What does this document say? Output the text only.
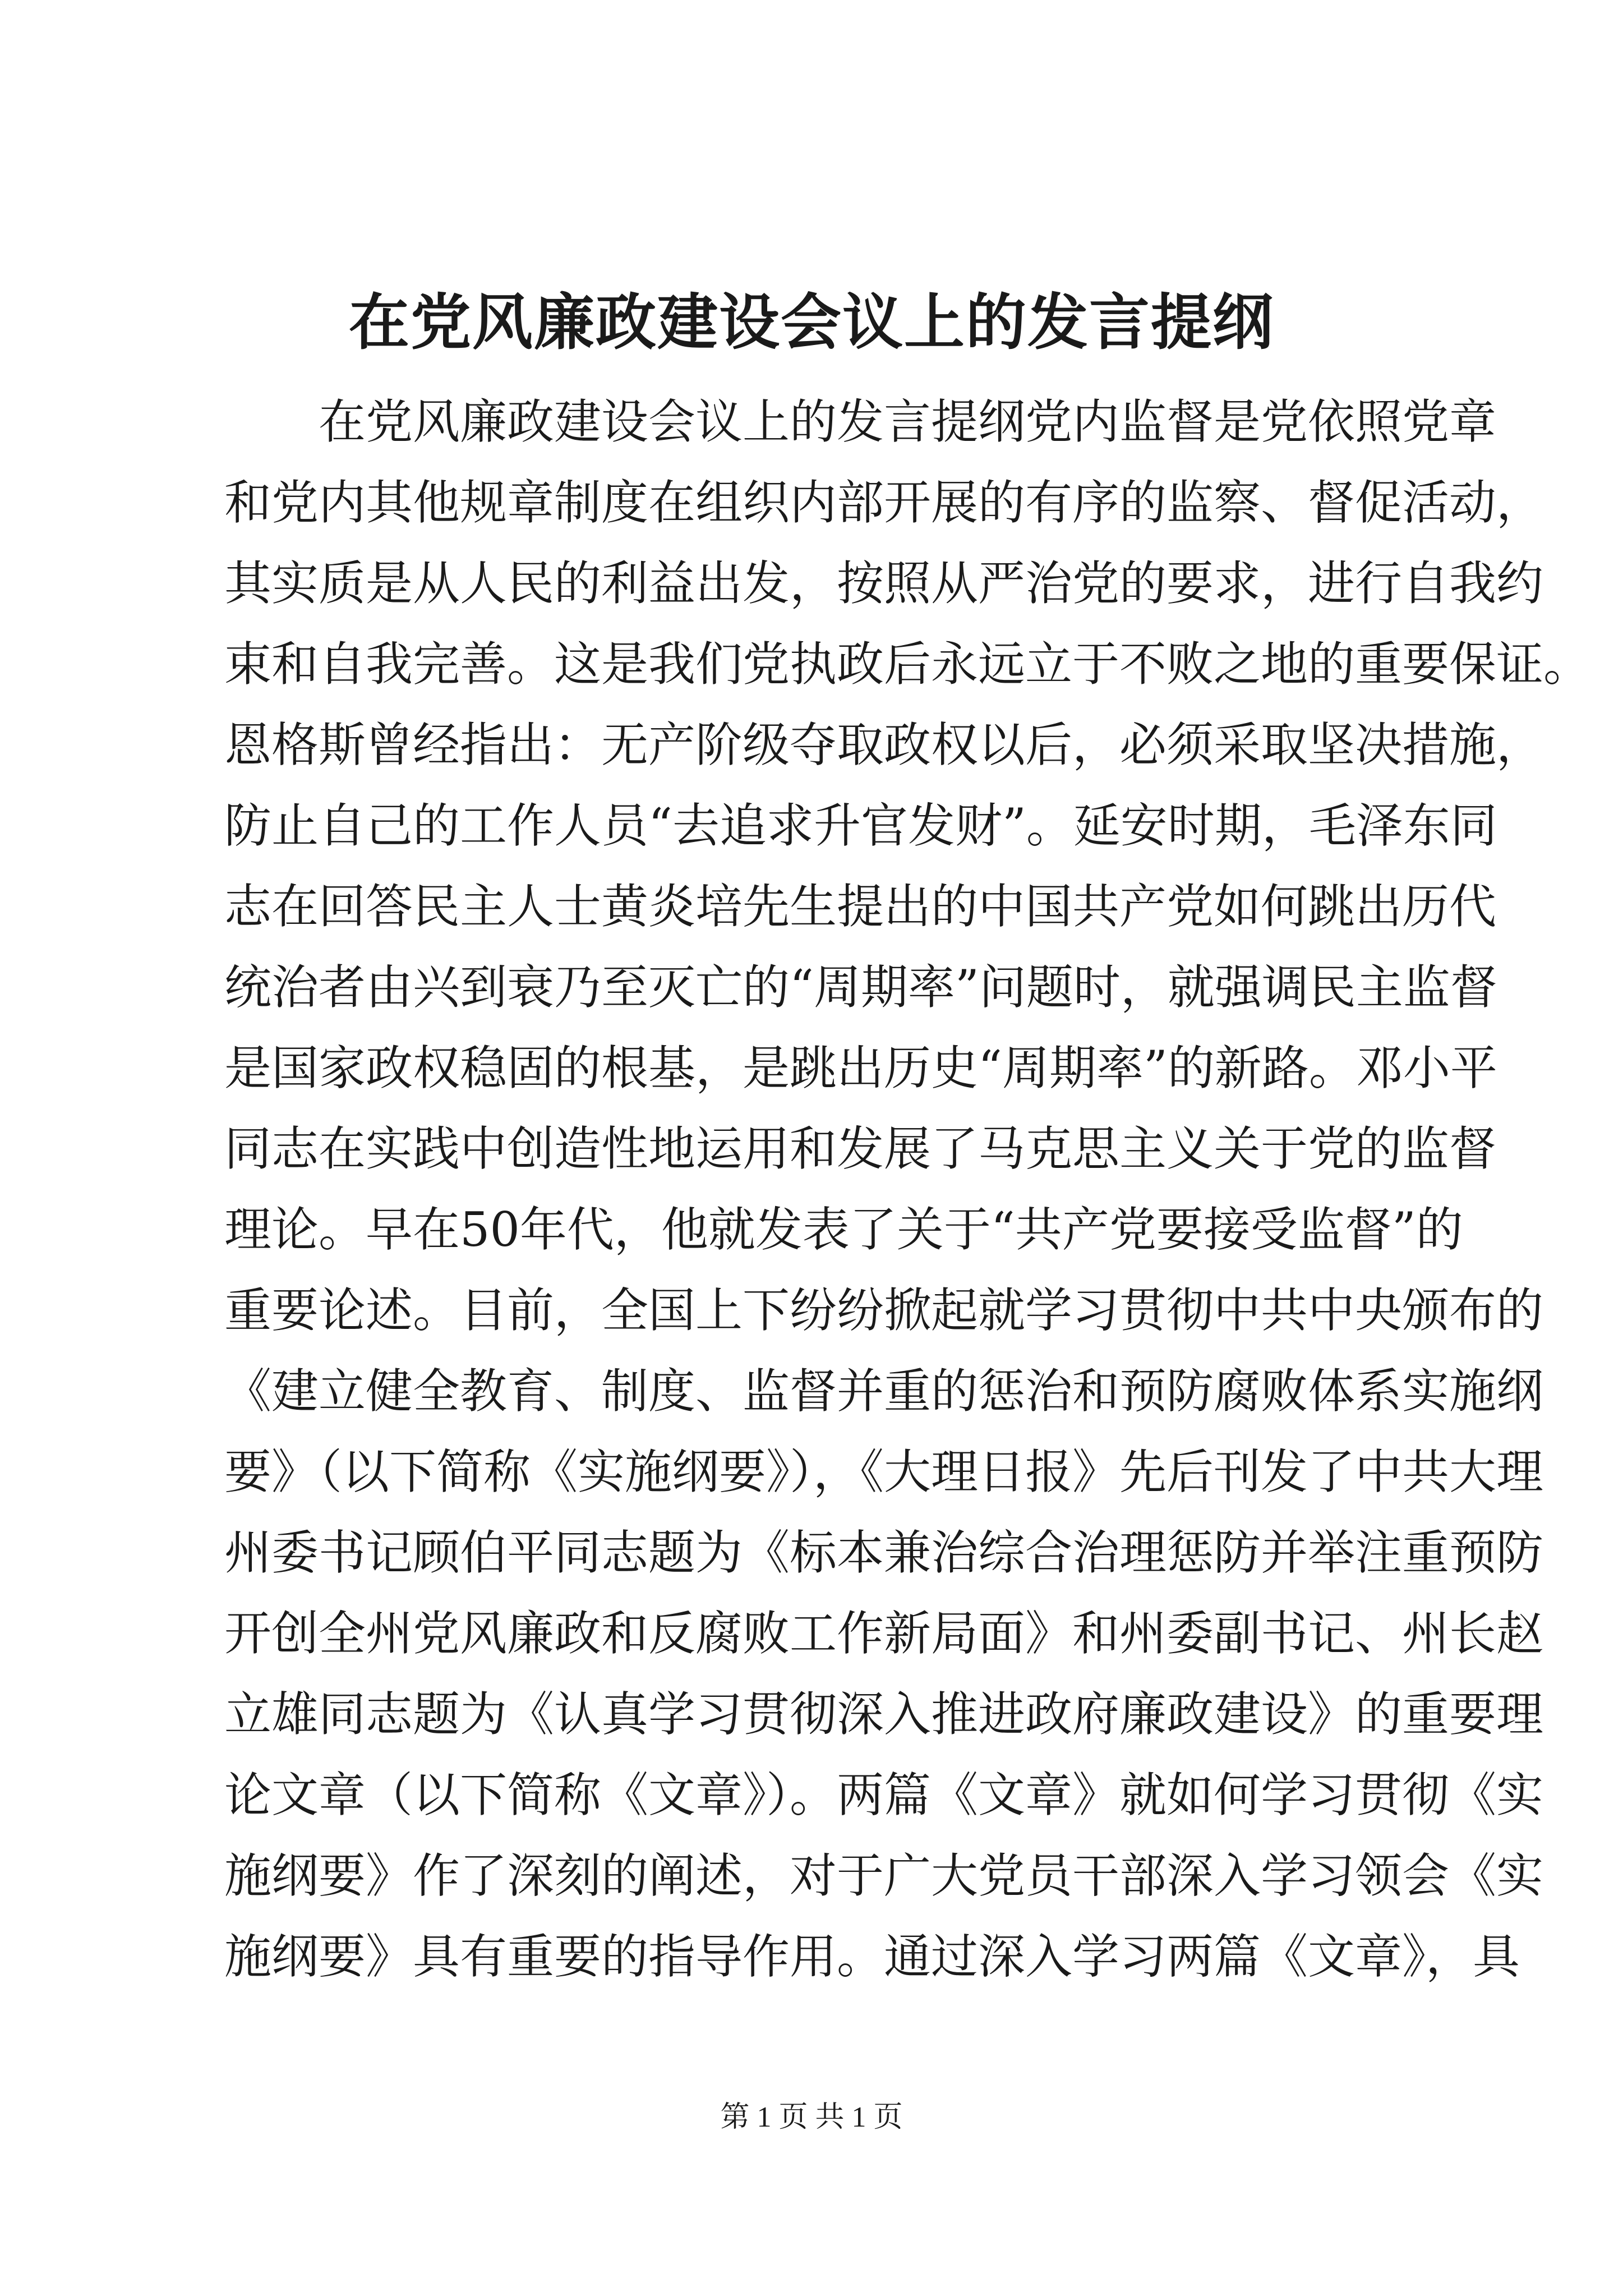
在党风廉政建设会议上的发言提纲
在党风廉政建设会议上的发言提纲党内监督是党依照党章
和党内其他规章制度在组织内部开展的有序的监察、督促活动，
其实质是从人民的利益出发，按照从严治党的要求，进行自我约
束和自我完善。这是我们党执政后永远立于不败之地的重要保证。
恩格斯曾经指出：无产阶级夺取政权以后，必须采取坚决措施，
防止自己的工作人员“去追求升官发财”。延安时期，毛泽东同
志在回答民主人士黄炎培先生提出的中国共产党如何跳出历代
统治者由兴到衰乃至灭亡的“周期率”问题时，就强调民主监督
是国家政权稳固的根基，是跳出历史“周期率”的新路。邓小平
同志在实践中创造性地运用和发展了马克思主义关于党的监督
理论。早在50年代，他就发表了关于“共产党要接受监督”的
重要论述。目前，全国上下纷纷掀起就学习贯彻中共中央颁布的
《建立健全教育、制度、监督并重的惩治和预防腐败体系实施纲
要》（以下简称《实施纲要》），《大理日报》先后刊发了中共大理
州委书记顾伯平同志题为《标本兼治综合治理惩防并举注重预防
开创全州党风廉政和反腐败工作新局面》和州委副书记、州长赵
立雄同志题为《认真学习贯彻深入推进政府廉政建设》的重要理
论文章（以下简称《文章》）。两篇《文章》就如何学习贯彻《实
施纲要》作了深刻的阐述，对于广大党员干部深入学习领会《实
施纲要》具有重要的指导作用。通过深入学习两篇《文章》，具
第 1 页 共 1 页
